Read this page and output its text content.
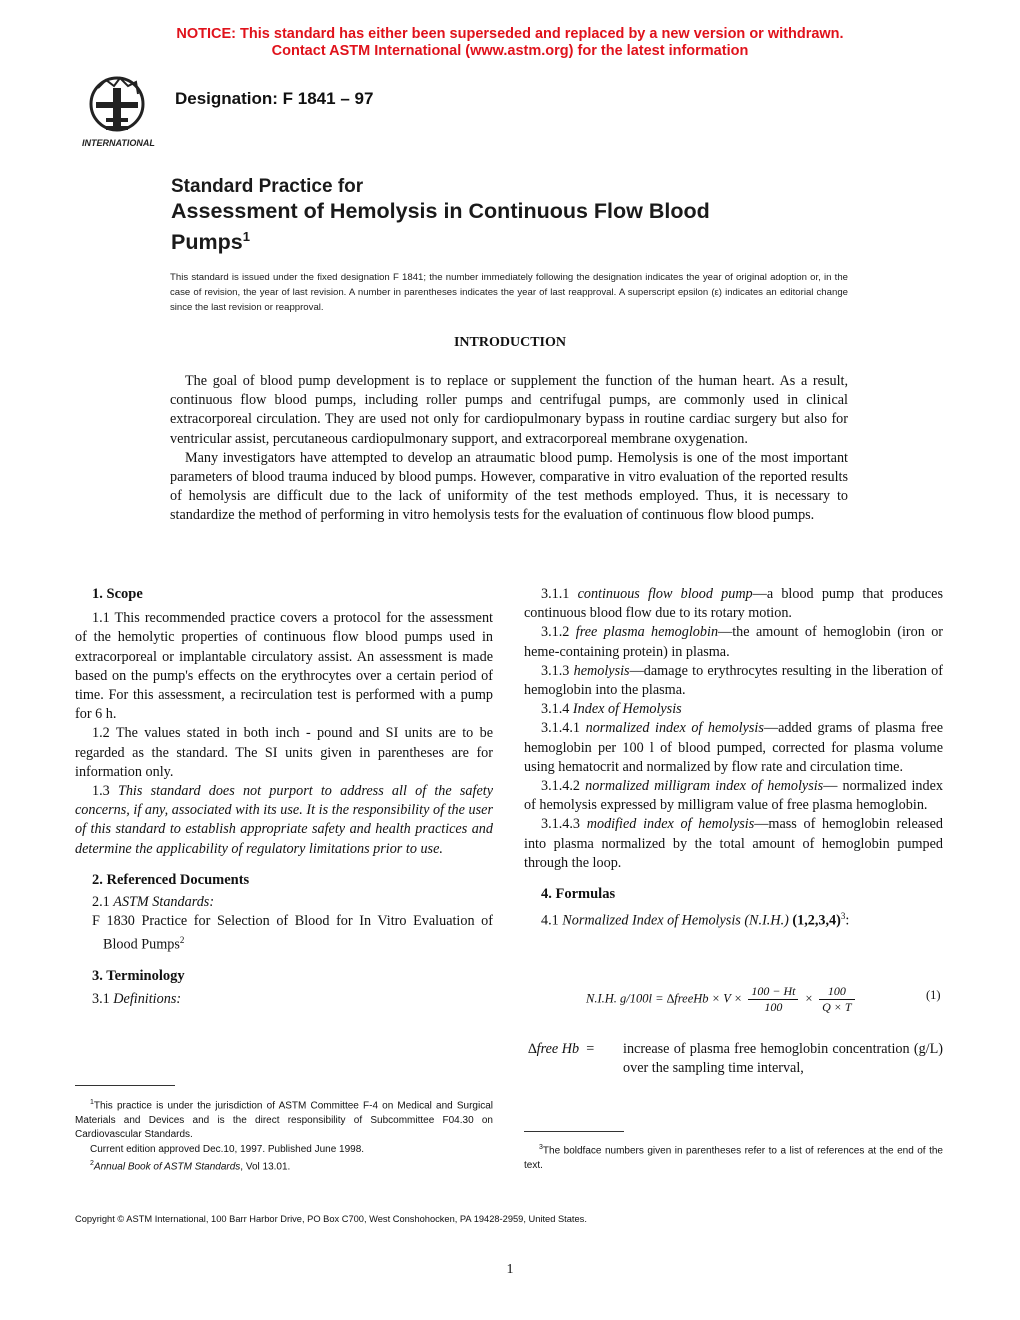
NOTICE: This standard has either been superseded and replaced by a new version or withdrawn.
Contact ASTM International (www.astm.org) for the latest information
INTERNATIONAL
Designation: F 1841 – 97
Standard Practice for
Assessment of Hemolysis in Continuous Flow Blood
Pumps$^1$
This standard is issued under the fixed designation F 1841; the number immediately following the designation indicates the year of original adoption or, in the case of revision, the year of last revision. A number in parentheses indicates the year of last reapproval. A superscript epsilon (ε) indicates an editorial change since the last revision or reapproval.
INTRODUCTION

The goal of blood pump development is to replace or supplement the function of the human heart. As a result, continuous flow blood pumps, including roller pumps and centrifugal pumps, are commonly used in clinical extracorporeal circulation. They are used not only for cardiopulmonary bypass in routine cardiac surgery but also for ventricular assist, percutaneous cardiopulmonary support, and extracorporeal membrane oxygenation.

Many investigators have attempted to develop an atraumatic blood pump. Hemolysis is one of the most important parameters of blood trauma induced by blood pumps. However, comparative in vitro evaluation of the reported results of hemolysis are difficult due to the lack of uniformity of the test methods employed. Thus, it is necessary to standardize the method of performing in vitro hemolysis tests for the evaluation of continuous flow blood pumps.

1. Scope

1.1 This recommended practice covers a protocol for the assessment of the hemolytic properties of continuous flow blood pumps used in extracorporeal or implantable circulatory assist. An assessment is made based on the pump's effects on the erythrocytes over a certain period of time. For this assessment, a recirculation test is performed with a pump for 6 h.

1.2 The values stated in both inch - pound and SI units are to be regarded as the standard. The SI units given in parentheses are for information only.

1.3 This standard does not purport to address all of the safety concerns, if any, associated with its use. It is the responsibility of the user of this standard to establish appropriate safety and health practices and determine the applicability of regulatory limitations prior to use.

2. Referenced Documents

2.1 ASTM Standards:

F 1830 Practice for Selection of Blood for In Vitro Evaluation of Blood Pumps$^2$

3. Terminology

3.1 Definitions:

3.1.1 continuous flow blood pump—a blood pump that produces continuous blood flow due to its rotary motion.

3.1.2 free plasma hemoglobin—the amount of hemoglobin (iron or heme-containing protein) in plasma.

3.1.3 hemolysis—damage to erythrocytes resulting in the liberation of hemoglobin into the plasma.

3.1.4 Index of Hemolysis

3.1.4.1 normalized index of hemolysis—added grams of plasma free hemoglobin per 100 l of blood pumped, corrected for plasma volume using hematocrit and normalized by flow rate and circulation time.

3.1.4.2 normalized milligram index of hemolysis— normalized index of hemolysis expressed by milligram value of free plasma hemoglobin.

3.1.4.3 modified index of hemolysis—mass of hemoglobin released into plasma normalized by the total amount of hemoglobin pumped through the loop.

4. Formulas

4.1 Normalized Index of Hemolysis (N.I.H.) $(1,2,3,4)^3$:

N.I.H. g/100l = ∆freeHb × $V \times \frac{100 - Ht}{100} \times \frac{100}{Q \times T}$	(1)
∆free Hb = increase of plasma free hemoglobin concentration (g/L) over the sampling time interval,

$^1$This practice is under the jurisdiction of ASTM Committee F-4 on Medical and Surgical Materials and Devices and is the direct responsibility of Subcommittee F04.30 on Cardiovascular Standards.

Current edition approved Dec.10, 1997. Published June 1998.

$^2$Annual Book of ASTM Standards, Vol 13.01.

$^3$The boldface numbers given in parentheses refer to a list of references at the end of the text.

Copyright © ASTM International, 100 Barr Harbor Drive, PO Box C700, West Conshohocken, PA 19428-2959, United States.
1
